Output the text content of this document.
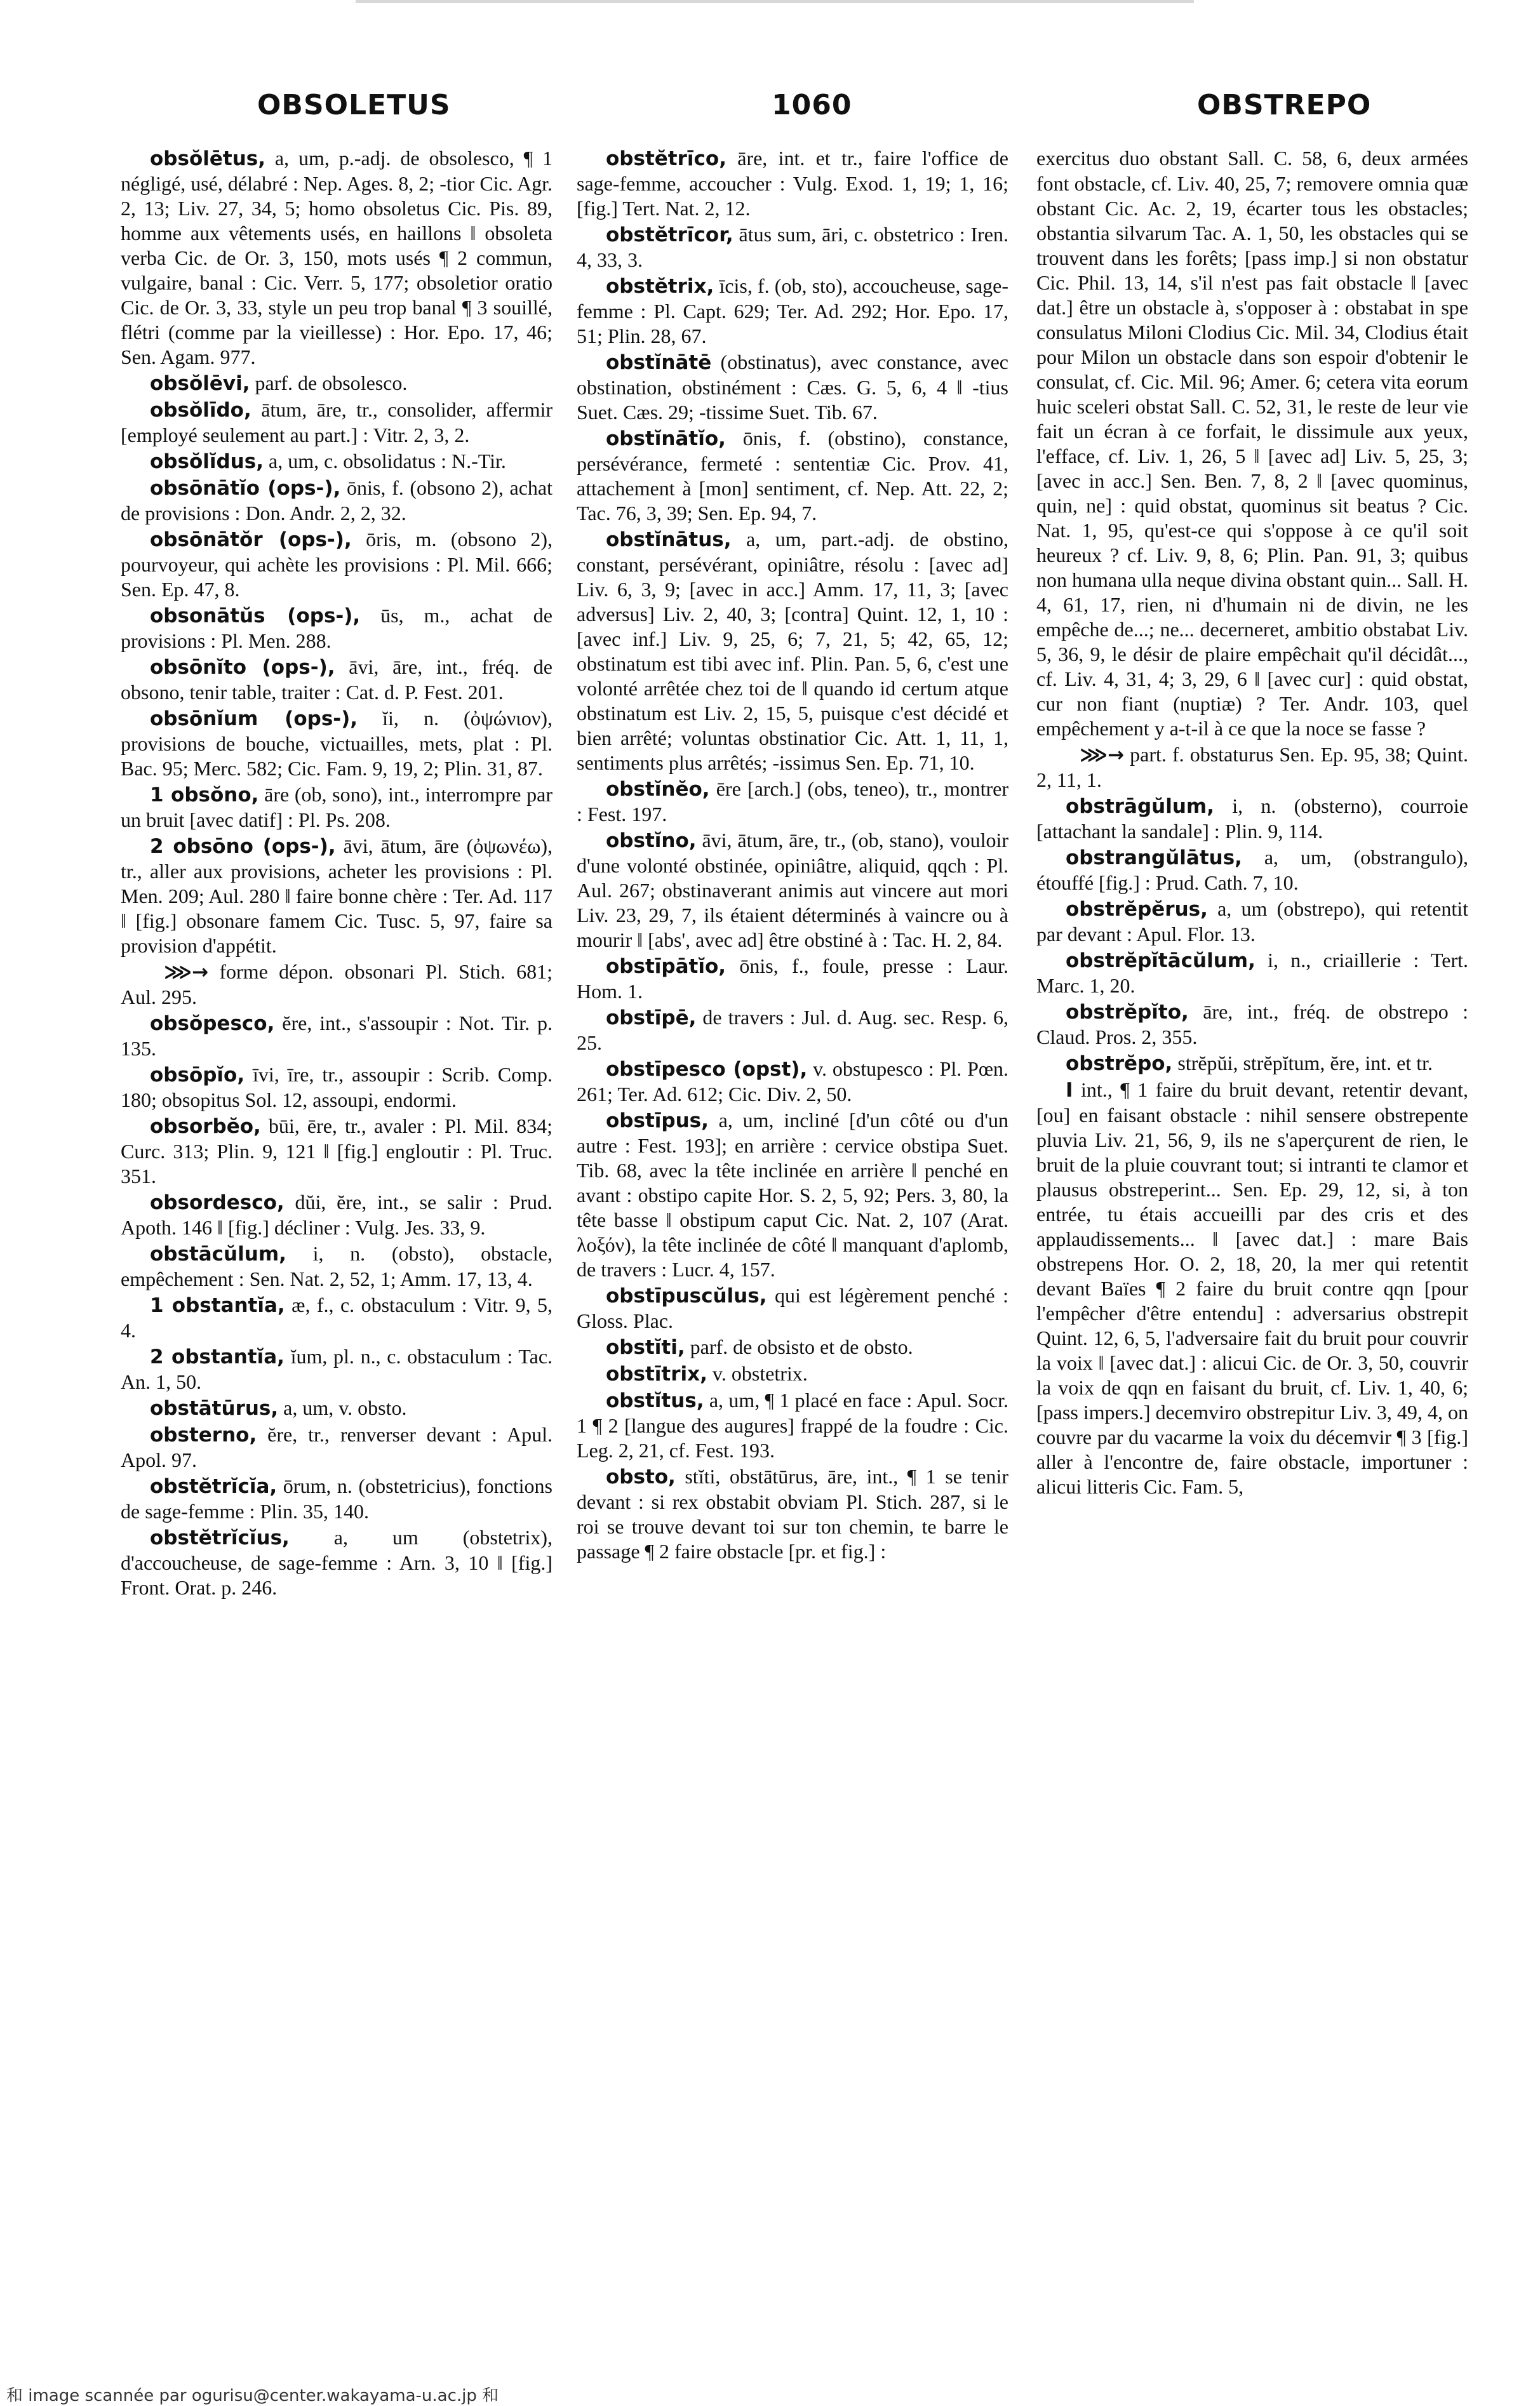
OBSOLETUS	1060	OBSTREPO

obsŏlētus, a, um, p.-adj. de obsolesco, ¶ 1 négligé, usé, délabré : Nep. Ages. 8, 2; -tior Cic. Agr. 2, 13; Liv. 27, 34, 5; homo obsoletus Cic. Pis. 89, homme aux vêtements usés, en haillons ‖ obsoleta verba Cic. de Or. 3, 150, mots usés ¶ 2 commun, vulgaire, banal : Cic. Verr. 5, 177; obsoletior oratio Cic. de Or. 3, 33, style un peu trop banal ¶ 3 souillé, flétri (comme par la vieillesse) : Hor. Epo. 17, 46; Sen. Agam. 977.

obsŏlēvi, parf. de obsolesco.

obsŏlīdo, ātum, āre, tr., consolider, affermir [employé seulement au part.] : Vitr. 2, 3, 2.

obsŏlĭdus, a, um, c. obsolidatus : N.-Tir.

obsōnātĭo (ops-), ōnis, f. (obsono 2), achat de provisions : Don. Andr. 2, 2, 32.

obsōnātŏr (ops-), ōris, m. (obsono 2), pourvoyeur, qui achète les provisions : Pl. Mil. 666; Sen. Ep. 47, 8.

obsonātŭs (ops-), ūs, m., achat de provisions : Pl. Men. 288.

obsōnĭto (ops-), āvi, āre, int., fréq. de obsono, tenir table, traiter : Cat. d. P. Fest. 201.

obsōnĭum (ops-), ĭi, n. (ὀψώνιον), provisions de bouche, victuailles, mets, plat : Pl. Bac. 95; Merc. 582; Cic. Fam. 9, 19, 2; Plin. 31, 87.

1 obsŏno, āre (ob, sono), int., interrompre par un bruit [avec datif] : Pl. Ps. 208.

2 obsōno (ops-), āvi, ātum, āre (ὀψωνέω), tr., aller aux provisions, acheter les provisions : Pl. Men. 209; Aul. 280 ‖ faire bonne chère : Ter. Ad. 117 ‖ [fig.] obsonare famem Cic. Tusc. 5, 97, faire sa provision d'appétit.

⋙→ forme dépon. obsonari Pl. Stich. 681; Aul. 295.

obsŏpesco, ĕre, int., s'assoupir : Not. Tir. p. 135.

obsōpĭo, īvi, īre, tr., assoupir : Scrib. Comp. 180; obsopitus Sol. 12, assoupi, endormi.

obsorbĕo, būi, ēre, tr., avaler : Pl. Mil. 834; Curc. 313; Plin. 9, 121 ‖ [fig.] engloutir : Pl. Truc. 351.

obsordesco, dŭi, ĕre, int., se salir : Prud. Apoth. 146 ‖ [fig.] décliner : Vulg. Jes. 33, 9.

obstācŭlum, i, n. (obsto), obstacle, empêchement : Sen. Nat. 2, 52, 1; Amm. 17, 13, 4.

1 obstantĭa, æ, f., c. obstaculum : Vitr. 9, 5, 4.

2 obstantĭa, ĭum, pl. n., c. obstaculum : Tac. An. 1, 50.

obstātūrus, a, um, v. obsto.

obsterno, ĕre, tr., renverser devant : Apul. Apol. 97.

obstĕtrĭcĭa, ōrum, n. (obstetricius), fonctions de sage-femme : Plin. 35, 140.

obstĕtrĭcĭus, a, um (obstetrix), d'accoucheuse, de sage-femme : Arn. 3, 10 ‖ [fig.] Front. Orat. p. 246.

obstĕtrīco, āre, int. et tr., faire l'office de sage-femme, accoucher : Vulg. Exod. 1, 19; 1, 16; [fig.] Tert. Nat. 2, 12.

obstĕtrīcor, ātus sum, āri, c. obstetrico : Iren. 4, 33, 3.

obstĕtrix, īcis, f. (ob, sto), accoucheuse, sage-femme : Pl. Capt. 629; Ter. Ad. 292; Hor. Epo. 17, 51; Plin. 28, 67.

obstĭnātē (obstinatus), avec constance, avec obstination, obstinément : Cæs. G. 5, 6, 4 ‖ -tius Suet. Cæs. 29; -tissime Suet. Tib. 67.

obstĭnātĭo, ōnis, f. (obstino), constance, persévérance, fermeté : sententiæ Cic. Prov. 41, attachement à [mon] sentiment, cf. Nep. Att. 22, 2; Tac. 76, 3, 39; Sen. Ep. 94, 7.

obstĭnātus, a, um, part.-adj. de obstino, constant, persévérant, opiniâtre, résolu : [avec ad] Liv. 6, 3, 9; [avec in acc.] Amm. 17, 11, 3; [avec adversus] Liv. 2, 40, 3; [contra] Quint. 12, 1, 10 : [avec inf.] Liv. 9, 25, 6; 7, 21, 5; 42, 65, 12; obstinatum est tibi avec inf. Plin. Pan. 5, 6, c'est une volonté arrêtée chez toi de ‖ quando id certum atque obstinatum est Liv. 2, 15, 5, puisque c'est décidé et bien arrêté; voluntas obstinatior Cic. Att. 1, 11, 1, sentiments plus arrêtés; -issimus Sen. Ep. 71, 10.

obstĭnĕo, ēre [arch.] (obs, teneo), tr., montrer : Fest. 197.

obstĭno, āvi, ātum, āre, tr., (ob, stano), vouloir d'une volonté obstinée, opiniâtre, aliquid, qqch : Pl. Aul. 267; obstinaverant animis aut vincere aut mori Liv. 23, 29, 7, ils étaient déterminés à vaincre ou à mourir ‖ [abs', avec ad] être obstiné à : Tac. H. 2, 84.

obstīpātĭo, ōnis, f., foule, presse : Laur. Hom. 1.

obstīpē, de travers : Jul. d. Aug. sec. Resp. 6, 25.

obstīpesco (opst), v. obstupesco : Pl. Pœn. 261; Ter. Ad. 612; Cic. Div. 2, 50.

obstīpus, a, um, incliné [d'un côté ou d'un autre : Fest. 193]; en arrière : cervice obstipa Suet. Tib. 68, avec la tête inclinée en arrière ‖ penché en avant : obstipo capite Hor. S. 2, 5, 92; Pers. 3, 80, la tête basse ‖ obstipum caput Cic. Nat. 2, 107 (Arat. λοξόν), la tête inclinée de côté ‖ manquant d'aplomb, de travers : Lucr. 4, 157.

obstīpuscŭlus, qui est légèrement penché : Gloss. Plac.

obstĭti, parf. de obsisto et de obsto.

obstītrix, v. obstetrix.

obstĭtus, a, um, ¶ 1 placé en face : Apul. Socr. 1 ¶ 2 [langue des augures] frappé de la foudre : Cic. Leg. 2, 21, cf. Fest. 193.

obsto, stĭti, obstātūrus, āre, int., ¶ 1 se tenir devant : si rex obstabit obviam Pl. Stich. 287, si le roi se trouve devant toi sur ton chemin, te barre le passage ¶ 2 faire obstacle [pr. et fig.] :

exercitus duo obstant Sall. C. 58, 6, deux armées font obstacle, cf. Liv. 40, 25, 7; removere omnia quæ obstant Cic. Ac. 2, 19, écarter tous les obstacles; obstantia silvarum Tac. A. 1, 50, les obstacles qui se trouvent dans les forêts; [pass imp.] si non obstatur Cic. Phil. 13, 14, s'il n'est pas fait obstacle ‖ [avec dat.] être un obstacle à, s'opposer à : obstabat in spe consulatus Miloni Clodius Cic. Mil. 34, Clodius était pour Milon un obstacle dans son espoir d'obtenir le consulat, cf. Cic. Mil. 96; Amer. 6; cetera vita eorum huic sceleri obstat Sall. C. 52, 31, le reste de leur vie fait un écran à ce forfait, le dissimule aux yeux, l'efface, cf. Liv. 1, 26, 5 ‖ [avec ad] Liv. 5, 25, 3; [avec in acc.] Sen. Ben. 7, 8, 2 ‖ [avec quominus, quin, ne] : quid obstat, quominus sit beatus ? Cic. Nat. 1, 95, qu'est-ce qui s'oppose à ce qu'il soit heureux ? cf. Liv. 9, 8, 6; Plin. Pan. 91, 3; quibus non humana ulla neque divina obstant quin... Sall. H. 4, 61, 17, rien, ni d'humain ni de divin, ne les empêche de...; ne... decerneret, ambitio obstabat Liv. 5, 36, 9, le désir de plaire empêchait qu'il décidât..., cf. Liv. 4, 31, 4; 3, 29, 6 ‖ [avec cur] : quid obstat, cur non fiant (nuptiæ) ? Ter. Andr. 103, quel empêchement y a-t-il à ce que la noce se fasse ?

⋙→ part. f. obstaturus Sen. Ep. 95, 38; Quint. 2, 11, 1.

obstrāgŭlum, i, n. (obsterno), courroie [attachant la sandale] : Plin. 9, 114.

obstrangŭlātus, a, um, (obstrangulo), étouffé [fig.] : Prud. Cath. 7, 10.

obstrĕpĕrus, a, um (obstrepo), qui retentit par devant : Apul. Flor. 13.

obstrĕpĭtācŭlum, i, n., criaillerie : Tert. Marc. 1, 20.

obstrĕpĭto, āre, int., fréq. de obstrepo : Claud. Pros. 2, 355.

obstrĕpo, strĕpŭi, strĕpĭtum, ĕre, int. et tr.

I int., ¶ 1 faire du bruit devant, retentir devant, [ou] en faisant obstacle : nihil sensere obstrepente pluvia Liv. 21, 56, 9, ils ne s'aperçurent de rien, le bruit de la pluie couvrant tout; si intranti te clamor et plausus obstreperint... Sen. Ep. 29, 12, si, à ton entrée, tu étais accueilli par des cris et des applaudissements... ‖ [avec dat.] : mare Bais obstrepens Hor. O. 2, 18, 20, la mer qui retentit devant Baïes ¶ 2 faire du bruit contre qqn [pour l'empêcher d'être entendu] : adversarius obstrepit Quint. 12, 6, 5, l'adversaire fait du bruit pour couvrir la voix ‖ [avec dat.] : alicui Cic. de Or. 3, 50, couvrir la voix de qqn en faisant du bruit, cf. Liv. 1, 40, 6; [pass impers.] decemviro obstrepitur Liv. 3, 49, 4, on couvre par du vacarme la voix du décemvir ¶ 3 [fig.] aller à l'encontre de, faire obstacle, importuner : alicui litteris Cic. Fam. 5,

和 image scannée par ogurisu@center.wakayama-u.ac.jp 和
